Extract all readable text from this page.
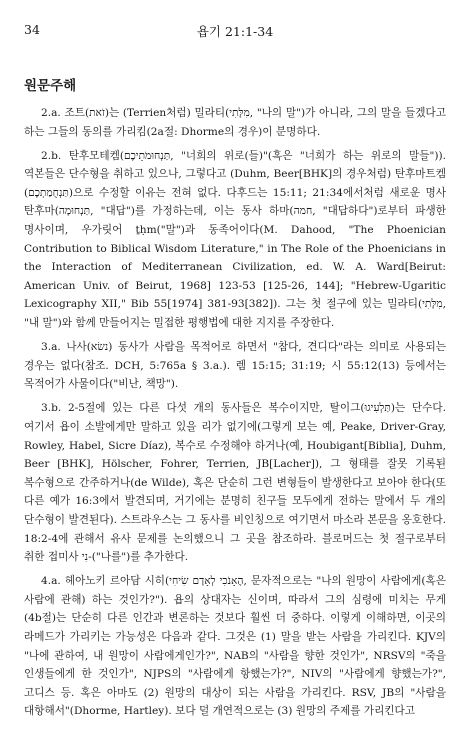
34	욥기 21:1-34
원문주해

2.a. 조트(זֹאת)는 (Terrien처럼) 밀라티(מִלָּתִי, "나의 말")가 아니라, 그의 말을 들겠다고 하는 그들의 동의를 가리킴(2a절: Dhorme의 경우)이 분명하다.

2.b. 탄후모테켐(תַּנְחוּמֹתֵיכֶם, "너희의 위로(들)"(혹은 "너희가 하는 위로의 말들")). 역본들은 단수형을 취하고 있으나, 그렇다고 (Duhm, Beer[BHK]의 경우처럼) 탄후마트켐(תַּנְחֻמַתְכֶם)으로 수정할 이유는 전혀 없다. 다후드는 15:11; 21:34에서처럼 새로운 명사 탄후마(תַּנְחוּמָה, "대답")를 가정하는데, 이는 동사 하마(חמה, "대답하다")로부터 파생한 명사이며, 우가릿어 ṯḥm("말")과 동족어이다(M. Dahood, "The Phoenician Contribution to Biblical Wisdom Literature," in The Role of the Phoenicians in the Interaction of Mediterranean Civilization, ed. W. A. Ward[Beirut: American Univ. of Beirut, 1968] 123-53 [125-26, 144]; "Hebrew-Ugaritic Lexicography XII," Bib 55[1974] 381-93[382]). 그는 첫 절구에 있는 밀라티(מִלָּתִי, "내 말")와 함께 만들어지는 밀접한 평행법에 대한 지지를 주장한다.

3.a. 나사(נשׂא) 동사가 사람을 목적어로 하면서 "참다, 견디다"라는 의미로 사용되는 경우는 없다(참조. DCH, 5:765a § 3.a.). 렘 15:15; 31:19; 시 55:12(13) 등에서는 목적어가 사물이다("비난, 책망").

3.b. 2-5절에 있는 다른 다섯 개의 동사들은 복수이지만, 탈이그(תַּלְעִיגוּ)는 단수다. 여기서 욥이 소발에게만 말하고 있을 리가 없기에(그렇게 보는 예, Peake, Driver-Gray, Rowley, Habel, Sicre Díaz), 복수로 수정해야 하거나(예, Houbigant[Biblia], Duhm, Beer [BHK], Hölscher, Fohrer, Terrien, JB[Lacher]), 그 형태를 잘못 기록된 복수형으로 간주하거나(de Wilde), 혹은 단순히 그런 변형들이 발생한다고 보아야 한다(또 다른 예가 16:3에서 발견되며, 거기에는 분명히 친구들 모두에게 전하는 말에서 두 개의 단수형이 발견된다). 스트라우스는 그 동사를 비인칭으로 여기면서 마소라 본문을 옹호한다. 18:2-4에 관해서 유사 문제를 논의했으니 그 곳을 참조하라. 블로머드는 첫 절구로부터 취한 접미사 נִי-("나를")를 추가한다.

4.a. 헤아노키 르아담 시히(הֶאָנֹכִי לְאָדָם שִׂיחִי, 문자적으로는 "나의 원망이 사람에게(혹은 사람에 관해) 하는 것인가?"). 욥의 상대자는 신이며, 따라서 그의 심령에 미치는 무게(4b절)는 단순히 다른 인간과 변론하는 것보다 훨씬 더 중하다. 이렇게 이해하면, 이곳의 라메드가 가리키는 가능성은 다음과 같다. 그것은 (1) 말을 받는 사람을 가리킨다. KJV의 "나에 관하여, 내 원망이 사람에게인가?", NAB의 "사람을 향한 것인가", NRSV의 "죽을 인생들에게 한 것인가", NJPS의 "사람에게 항했는가?", NIV의 "사람에게 향했는가?", 고디스 등. 혹은 아마도 (2) 원망의 대상이 되는 사람을 가리킨다. RSV, JB의 "사람을 대항해서"(Dhorme, Hartley). 보다 덜 개연적으로는 (3) 원망의 주제를 가리킨다고
